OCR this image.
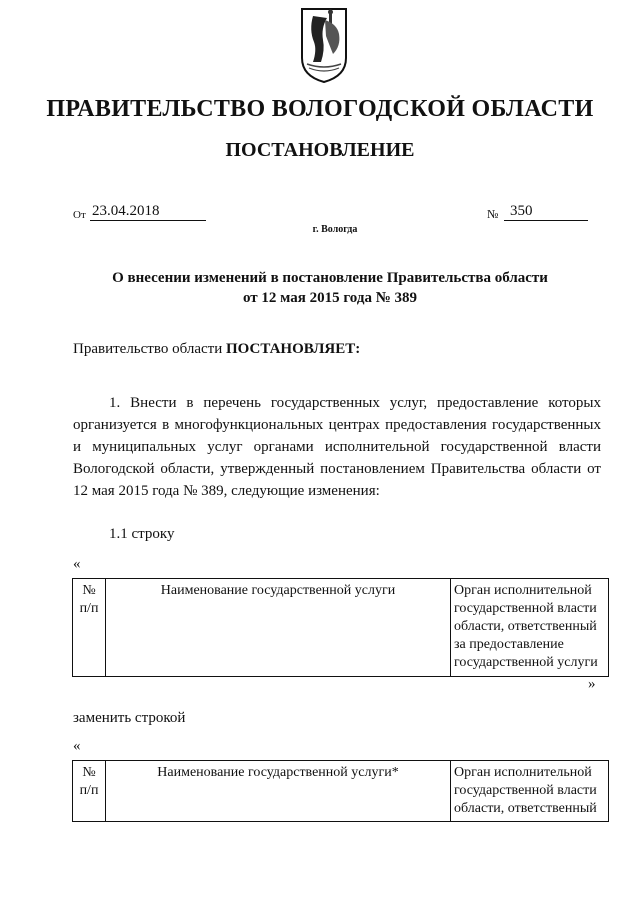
ПРАВИТЕЛЬСТВО ВОЛОГОДСКОЙ ОБЛАСТИ
ПОСТАНОВЛЕНИЕ
От 23.04.2018	№ 350
г. Вологда
О внесении изменений в постановление Правительства области
от 12 мая 2015 года № 389
Правительство области ПОСТАНОВЛЯЕТ:
1. Внести в перечень государственных услуг, предоставление которых организуется в многофункциональных центрах предоставления государственных и муниципальных услуг органами исполнительной государственной власти Вологодской области, утвержденный постановлением Правительства области от 12 мая 2015 года № 389, следующие изменения:
1.1 строку
«
№ п/п	Наименование государственной услуги	Орган исполнительной государственной власти области, ответственный за предоставление государственной услуги
»
заменить строкой
«
№ п/п	Наименование государственной услуги*	Орган исполнительной государственной власти области, ответственный
